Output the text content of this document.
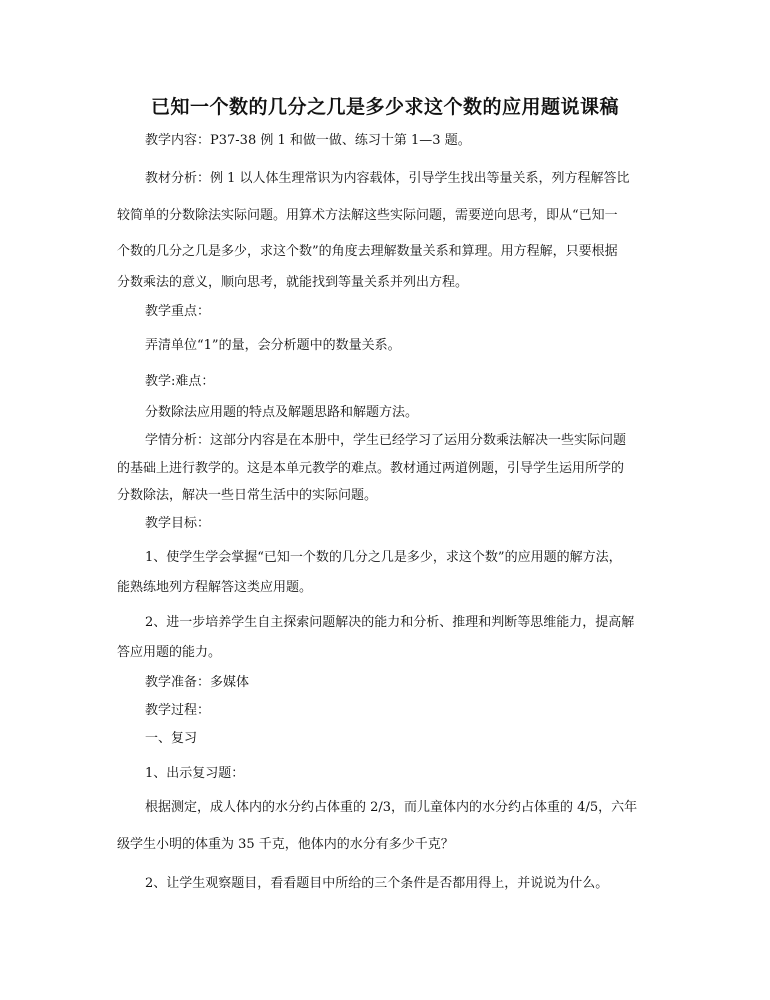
已知一个数的几分之几是多少求这个数的应用题说课稿
教学内容：P37-38 例 1 和做一做、练习十第 1—3 题。
教材分析：例 1 以人体生理常识为内容载体，引导学生找出等量关系，列方程解答比
较简单的分数除法实际问题。用算术方法解这些实际问题，需要逆向思考，即从“已知一
个数的几分之几是多少，求这个数”的角度去理解数量关系和算理。用方程解，只要根据
分数乘法的意义，顺向思考，就能找到等量关系并列出方程。
教学重点：
弄清单位“1”的量，会分析题中的数量关系。
教学:难点：
分数除法应用题的特点及解题思路和解题方法。
学情分析：这部分内容是在本册中，学生已经学习了运用分数乘法解决一些实际问题
的基础上进行教学的。这是本单元教学的难点。教材通过两道例题，引导学生运用所学的
分数除法，解决一些日常生活中的实际问题。
教学目标：
1、使学生学会掌握“已知一个数的几分之几是多少，求这个数”的应用题的解方法，
能熟练地列方程解答这类应用题。
2、进一步培养学生自主探索问题解决的能力和分析、推理和判断等思维能力，提高解
答应用题的能力。
教学准备：多媒体
教学过程：
一、复习
1、出示复习题：
根据测定，成人体内的水分约占体重的 2/3，而儿童体内的水分约占体重的 4/5，六年
级学生小明的体重为 35 千克，他体内的水分有多少千克？
2、让学生观察题目，看看题目中所给的三个条件是否都用得上，并说说为什么。
